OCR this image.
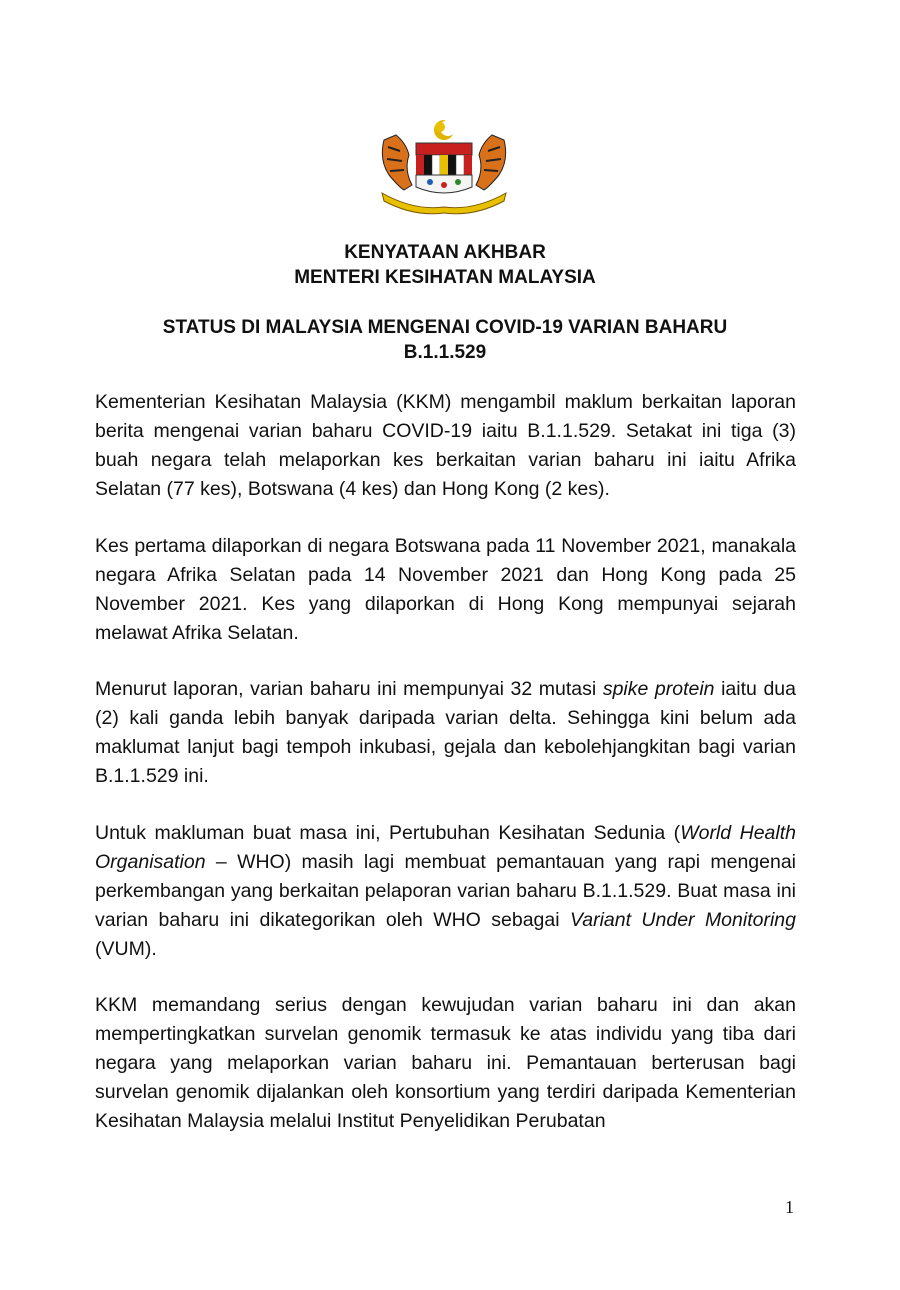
KENYATAAN AKHBAR
MENTERI KESIHATAN MALAYSIA
STATUS DI MALAYSIA MENGENAI COVID-19 VARIAN BAHARU
B.1.1.529

Kementerian Kesihatan Malaysia (KKM) mengambil maklum berkaitan laporan berita mengenai varian baharu COVID-19 iaitu B.1.1.529. Setakat ini tiga (3) buah negara telah melaporkan kes berkaitan varian baharu ini iaitu Afrika Selatan (77 kes), Botswana (4 kes) dan Hong Kong (2 kes).

Kes pertama dilaporkan di negara Botswana pada 11 November 2021, manakala negara Afrika Selatan pada 14 November 2021 dan Hong Kong pada 25 November 2021. Kes yang dilaporkan di Hong Kong mempunyai sejarah melawat Afrika Selatan.

Menurut laporan, varian baharu ini mempunyai 32 mutasi spike protein iaitu dua (2) kali ganda lebih banyak daripada varian delta. Sehingga kini belum ada maklumat lanjut bagi tempoh inkubasi, gejala dan kebolehjangkitan bagi varian B.1.1.529 ini.

Untuk makluman buat masa ini, Pertubuhan Kesihatan Sedunia (World Health Organisation – WHO) masih lagi membuat pemantauan yang rapi mengenai perkembangan yang berkaitan pelaporan varian baharu B.1.1.529. Buat masa ini varian baharu ini dikategorikan oleh WHO sebagai Variant Under Monitoring (VUM).

KKM memandang serius dengan kewujudan varian baharu ini dan akan mempertingkatkan survelan genomik termasuk ke atas individu yang tiba dari negara yang melaporkan varian baharu ini. Pemantauan berterusan bagi survelan genomik dijalankan oleh konsortium yang terdiri daripada Kementerian Kesihatan Malaysia melalui Institut Penyelidikan Perubatan

1
